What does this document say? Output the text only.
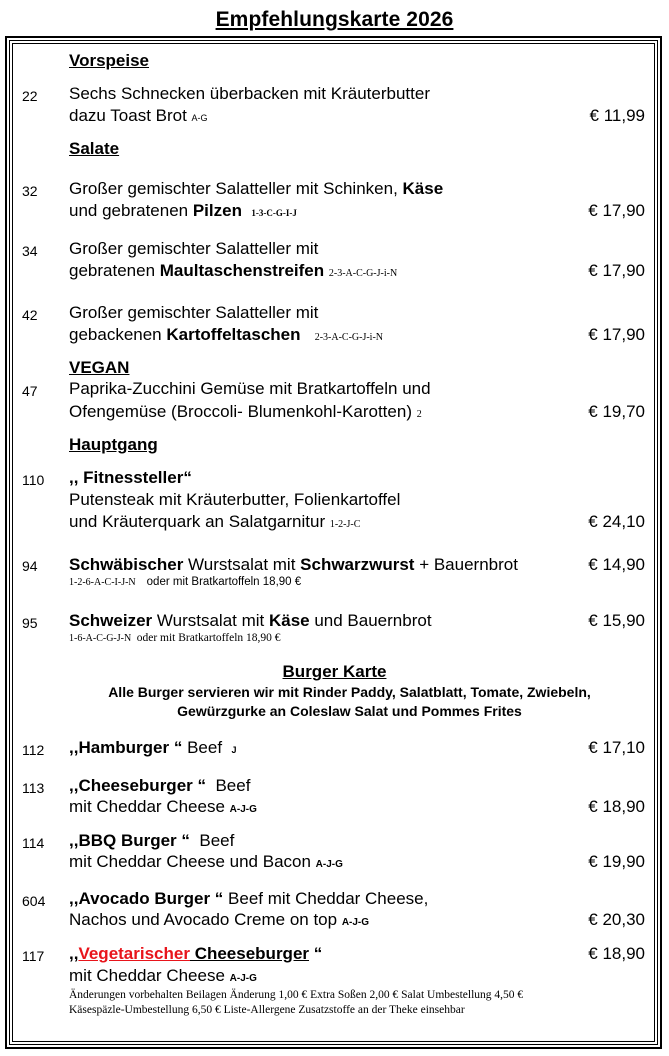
Empfehlungskarte 2026
Vorspeise
22 Sechs Schnecken überbacken mit Kräuterbutter
dazu Toast Brot A-G	€ 11,99
Salate
32 Großer gemischter Salatteller mit Schinken, Käse
und gebratenen Pilzen 1-3-C-G-I-J	€ 17,90
34 Großer gemischter Salatteller mit
gebratenen Maultaschenstreifen 2-3-A-C-G-J-i-N	€ 17,90
42 Großer gemischter Salatteller mit
gebackenen Kartoffeltaschen 2-3-A-C-G-J-i-N	€ 17,90
VEGAN
47 Paprika-Zucchini Gemüse mit Bratkartoffeln und
Ofengemüse (Broccoli- Blumenkohl-Karotten) 2	€ 19,70
Hauptgang
110 ,, Fitnessteller“
Putensteak mit Kräuterbutter, Folienkartoffel
und Kräuterquark an Salatgarnitur 1-2-J-C	€ 24,10
94 Schwäbischer Wurstsalat mit Schwarzwurst + Bauernbrot	€ 14,90
1-2-6-A-C-I-J-N oder mit Bratkartoffeln 18,90 €
95 Schweizer Wurstsalat mit Käse und Bauernbrot	€ 15,90
1-6-A-C-G-J-N oder mit Bratkartoffeln 18,90 €
Burger Karte
Alle Burger servieren wir mit Rinder Paddy, Salatblatt, Tomate, Zwiebeln,
Gewürzgurke an Coleslaw Salat und Pommes Frites
112 ,,Hamburger “ Beef  J	€ 17,10
113 ,,Cheeseburger “  Beef
mit Cheddar Cheese A-J-G	€ 18,90
114 ,,BBQ Burger “  Beef
mit Cheddar Cheese und Bacon A-J-G	€ 19,90
604 ,,Avocado Burger “ Beef mit Cheddar Cheese,
Nachos und Avocado Creme on top A-J-G	€ 20,30
117 ,,Vegetarischer Cheeseburger “	€ 18,90
mit Cheddar Cheese A-J-G
Änderungen vorbehalten Beilagen Änderung 1,00 € Extra Soßen 2,00 € Salat Umbestellung 4,50 €
Käsespäzle-Umbestellung 6,50 € Liste-Allergene Zusatzstoffe an der Theke einsehbar
